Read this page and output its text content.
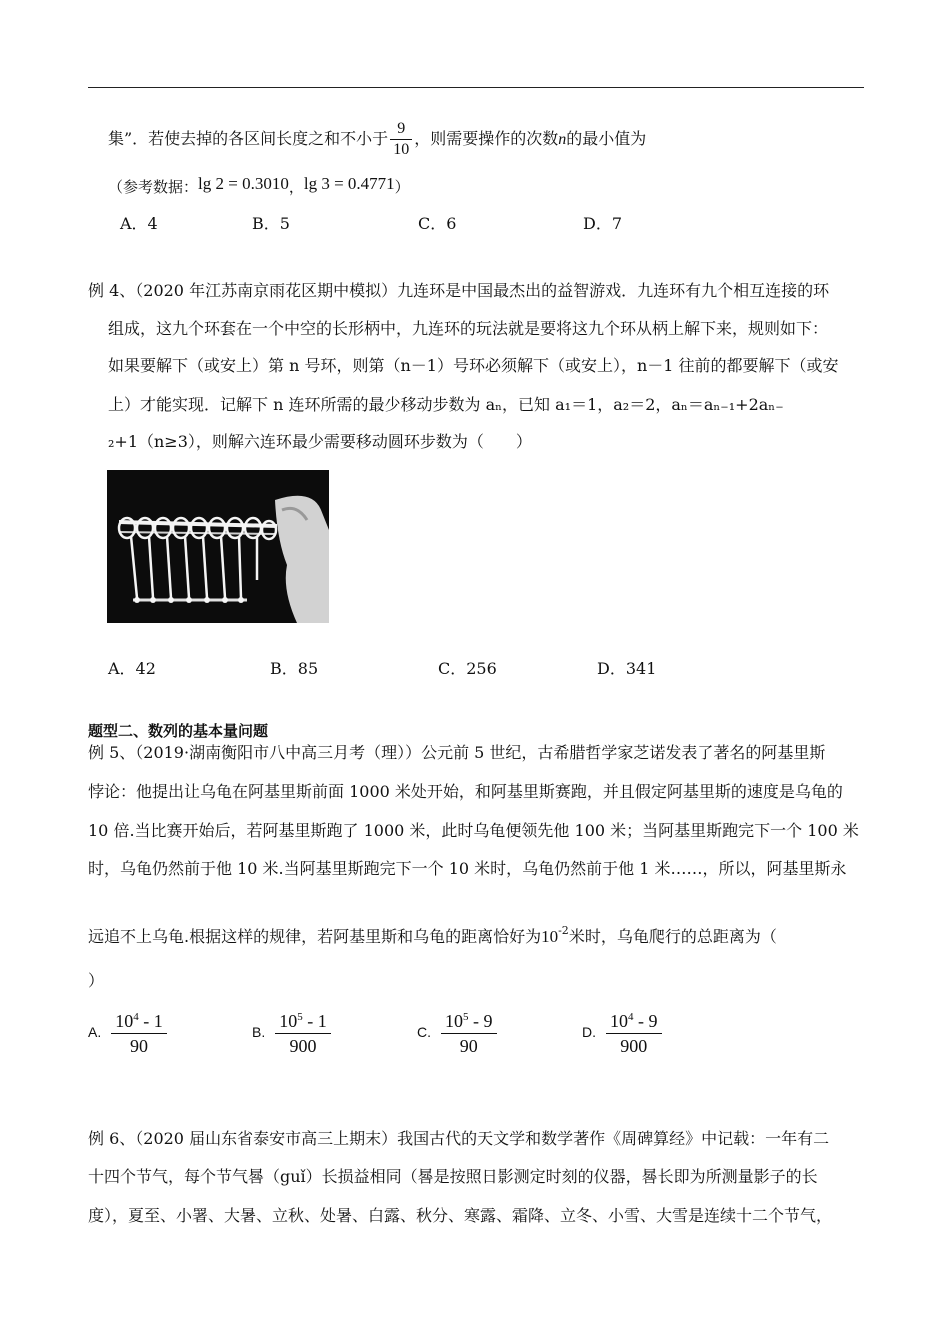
集”．若使去掉的各区间长度之和不小于 $\frac{9}{10}$ ，则需要操作的次数n的最小值为
（参考数据：lg 2 = 0.3010，lg 3 = 0.4771）
A．4	B．5	C．6	D．7
例 4、（2020 年江苏南京雨花区期中模拟）九连环是中国最杰出的益智游戏．九连环有九个相互连接的环
组成，这九个环套在一个中空的长形柄中，九连环的玩法就是要将这九个环从柄上解下来，规则如下：
如果要解下（或安上）第 n 号环，则第（n－1）号环必须解下（或安上），n－1 往前的都要解下（或安
上）才能实现．记解下 n 连环所需的最少移动步数为 aₙ，已知 a₁＝1，a₂＝2，aₙ＝aₙ₋₁+2aₙ₋
₂+1（n≥3），则解六连环最少需要移动圆环步数为（　　）
A．42	B．85	C．256	D．341
题型二、数列的基本量问题
例 5、（2019·湖南衡阳市八中高三月考（理））公元前 5 世纪，古希腊哲学家芝诺发表了著名的阿基里斯
悖论：他提出让乌龟在阿基里斯前面 1000 米处开始，和阿基里斯赛跑，并且假定阿基里斯的速度是乌龟的
10 倍.当比赛开始后，若阿基里斯跑了 1000 米，此时乌龟便领先他 100 米；当阿基里斯跑完下一个 100 米
时，乌龟仍然前于他 10 米.当阿基里斯跑完下一个 10 米时，乌龟仍然前于他 1 米……，所以，阿基里斯永
远追不上乌龟.根据这样的规律，若阿基里斯和乌龟的距离恰好为$10^{-2}$米时，乌龟爬行的总距离为（
）
A. $\frac{10^4 - 1}{90}$	B. $\frac{10^5 - 1}{900}$	C. $\frac{10^5 - 9}{90}$	D. $\frac{10^4 - 9}{900}$
例 6、（2020 届山东省泰安市高三上期末）我国古代的天文学和数学著作《周碑算经》中记载：一年有二
十四个节气，每个节气晷（guǐ）长损益相同（晷是按照日影测定时刻的仪器，晷长即为所测量影子的长
度），夏至、小署、大暑、立秋、处暑、白露、秋分、寒露、霜降、立冬、小雪、大雪是连续十二个节气，
